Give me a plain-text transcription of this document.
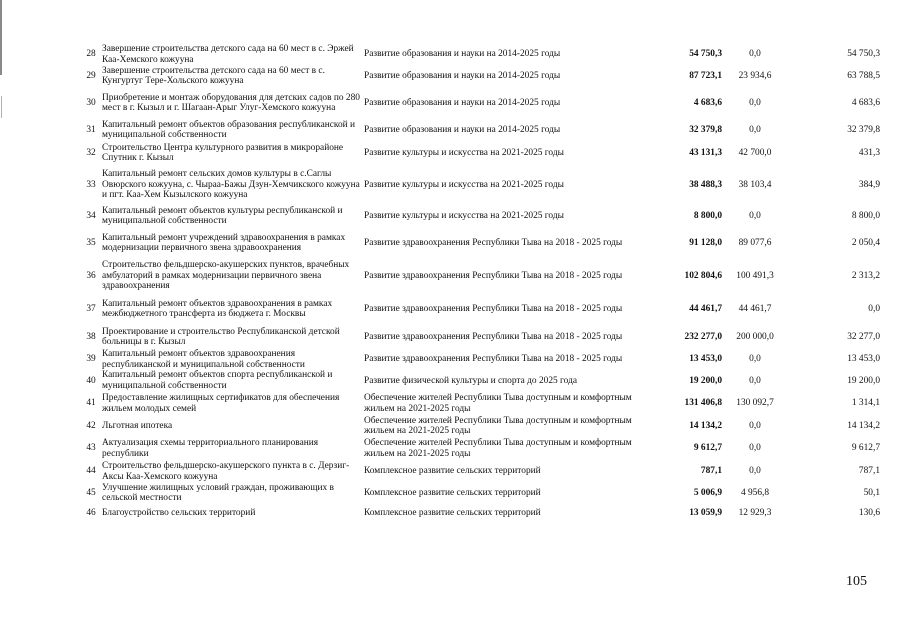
28	Завершение строительства детского сада на 60 мест в с. Эржей Каа-Хемского кожууна	Развитие образования и науки на 2014-2025 годы	54 750,3	0,0	54 750,3
29	Завершение строительства детского сада на 60 мест в с. Кунгуртуг Тере-Хольского кожууна	Развитие образования и науки на 2014-2025 годы	87 723,1	23 934,6	63 788,5
30	Приобретение и монтаж оборудования для детских садов по 280 мест в г. Кызыл и г. Шагаан-Арыг Улуг-Хемского кожууна	Развитие образования и науки на 2014-2025 годы	4 683,6	0,0	4 683,6
31	Капитальный ремонт объектов образования республиканской и муниципальной собственности	Развитие образования и науки на 2014-2025 годы	32 379,8	0,0	32 379,8
32	Строительство Центра культурного развития в микрорайоне Спутник г. Кызыл	Развитие культуры и искусства на 2021-2025 годы	43 131,3	42 700,0	431,3
33	Капитальный ремонт сельских домов культуры в с.Саглы Овюрского кожууна, с. Чыраа-Бажы Дзун-Хемчикского кожууна и пгт. Каа-Хем Кызылского кожууна	Развитие культуры и искусства на 2021-2025 годы	38 488,3	38 103,4	384,9
34	Капитальный ремонт объектов культуры республиканской и муниципальной собственности	Развитие культуры и искусства на 2021-2025 годы	8 800,0	0,0	8 800,0
35	Капитальный ремонт учреждений здравоохранения в рамках модернизации первичного звена здравоохранения	Развитие здравоохранения Республики Тыва на 2018 - 2025 годы	91 128,0	89 077,6	2 050,4
36	Строительство фельдшерско-акушерских пунктов, врачебных амбулаторий в рамках модернизации первичного звена здравоохранения	Развитие здравоохранения Республики Тыва на 2018 - 2025 годы	102 804,6	100 491,3	2 313,2
37	Капитальный ремонт объектов здравоохранения в рамках межбюджетного трансферта из бюджета г. Москвы	Развитие здравоохранения Республики Тыва на 2018 - 2025 годы	44 461,7	44 461,7	0,0
38	Проектирование и строительство Республиканской детской больницы в г. Кызыл	Развитие здравоохранения Республики Тыва на 2018 - 2025 годы	232 277,0	200 000,0	32 277,0
39	Капитальный ремонт объектов здравоохранения республиканской и муниципальной собственности	Развитие здравоохранения Республики Тыва на 2018 - 2025 годы	13 453,0	0,0	13 453,0
40	Капитальный ремонт объектов спорта республиканской и муниципальной собственности	Развитие физической культуры и спорта до 2025 года	19 200,0	0,0	19 200,0
41	Предоставление жилищных сертификатов для обеспечения жильем молодых семей	Обеспечение жителей Республики Тыва доступным и комфортным жильем на 2021-2025 годы	131 406,8	130 092,7	1 314,1
42	Льготная ипотека	Обеспечение жителей Республики Тыва доступным и комфортным жильем на 2021-2025 годы	14 134,2	0,0	14 134,2
43	Актуализация схемы территориального планирования республики	Обеспечение жителей Республики Тыва доступным и комфортным жильем на 2021-2025 годы	9 612,7	0,0	9 612,7
44	Строительство фельдшерско-акушерского пункта в с. Дерзиг-Аксы Каа-Хемского кожууна	Комплексное развитие сельских территорий	787,1	0,0	787,1
45	Улучшение жилищных условий граждан, проживающих в сельской местности	Комплексное развитие сельских территорий	5 006,9	4 956,8	50,1
46	Благоустройство сельских территорий	Комплексное развитие сельских территорий	13 059,9	12 929,3	130,6
105
